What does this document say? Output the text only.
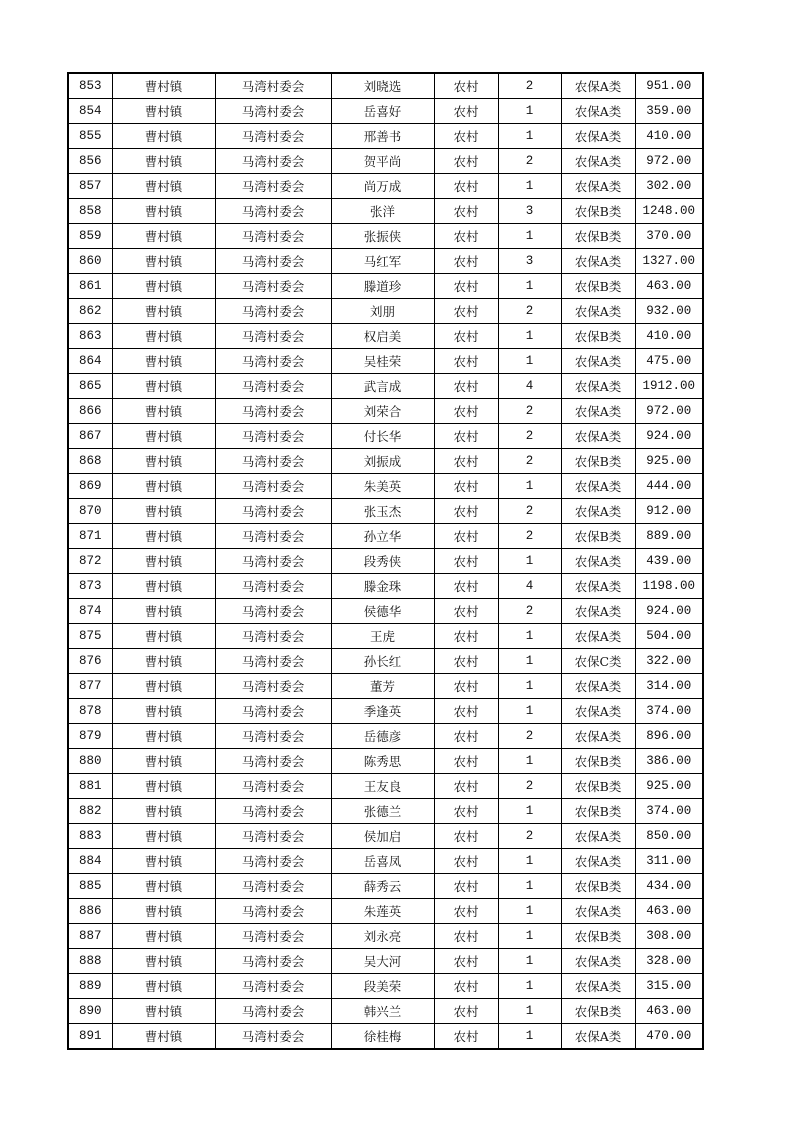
853	曹村镇	马湾村委会	刘晓选	农村	2	农保A类	951.00
854	曹村镇	马湾村委会	岳喜好	农村	1	农保A类	359.00
855	曹村镇	马湾村委会	邢善书	农村	1	农保A类	410.00
856	曹村镇	马湾村委会	贺平尚	农村	2	农保A类	972.00
857	曹村镇	马湾村委会	尚万成	农村	1	农保A类	302.00
858	曹村镇	马湾村委会	张洋	农村	3	农保B类	1248.00
859	曹村镇	马湾村委会	张振侠	农村	1	农保B类	370.00
860	曹村镇	马湾村委会	马红军	农村	3	农保A类	1327.00
861	曹村镇	马湾村委会	滕道珍	农村	1	农保B类	463.00
862	曹村镇	马湾村委会	刘朋	农村	2	农保A类	932.00
863	曹村镇	马湾村委会	权启美	农村	1	农保B类	410.00
864	曹村镇	马湾村委会	吴桂荣	农村	1	农保A类	475.00
865	曹村镇	马湾村委会	武言成	农村	4	农保A类	1912.00
866	曹村镇	马湾村委会	刘荣合	农村	2	农保A类	972.00
867	曹村镇	马湾村委会	付长华	农村	2	农保A类	924.00
868	曹村镇	马湾村委会	刘振成	农村	2	农保B类	925.00
869	曹村镇	马湾村委会	朱美英	农村	1	农保A类	444.00
870	曹村镇	马湾村委会	张玉杰	农村	2	农保A类	912.00
871	曹村镇	马湾村委会	孙立华	农村	2	农保B类	889.00
872	曹村镇	马湾村委会	段秀侠	农村	1	农保A类	439.00
873	曹村镇	马湾村委会	滕金珠	农村	4	农保A类	1198.00
874	曹村镇	马湾村委会	侯德华	农村	2	农保A类	924.00
875	曹村镇	马湾村委会	王虎	农村	1	农保A类	504.00
876	曹村镇	马湾村委会	孙长红	农村	1	农保C类	322.00
877	曹村镇	马湾村委会	董芳	农村	1	农保A类	314.00
878	曹村镇	马湾村委会	季逢英	农村	1	农保A类	374.00
879	曹村镇	马湾村委会	岳德彦	农村	2	农保A类	896.00
880	曹村镇	马湾村委会	陈秀思	农村	1	农保B类	386.00
881	曹村镇	马湾村委会	王友良	农村	2	农保B类	925.00
882	曹村镇	马湾村委会	张德兰	农村	1	农保B类	374.00
883	曹村镇	马湾村委会	侯加启	农村	2	农保A类	850.00
884	曹村镇	马湾村委会	岳喜凤	农村	1	农保A类	311.00
885	曹村镇	马湾村委会	薛秀云	农村	1	农保B类	434.00
886	曹村镇	马湾村委会	朱莲英	农村	1	农保A类	463.00
887	曹村镇	马湾村委会	刘永亮	农村	1	农保B类	308.00
888	曹村镇	马湾村委会	吴大河	农村	1	农保A类	328.00
889	曹村镇	马湾村委会	段美荣	农村	1	农保A类	315.00
890	曹村镇	马湾村委会	韩兴兰	农村	1	农保B类	463.00
891	曹村镇	马湾村委会	徐桂梅	农村	1	农保A类	470.00
